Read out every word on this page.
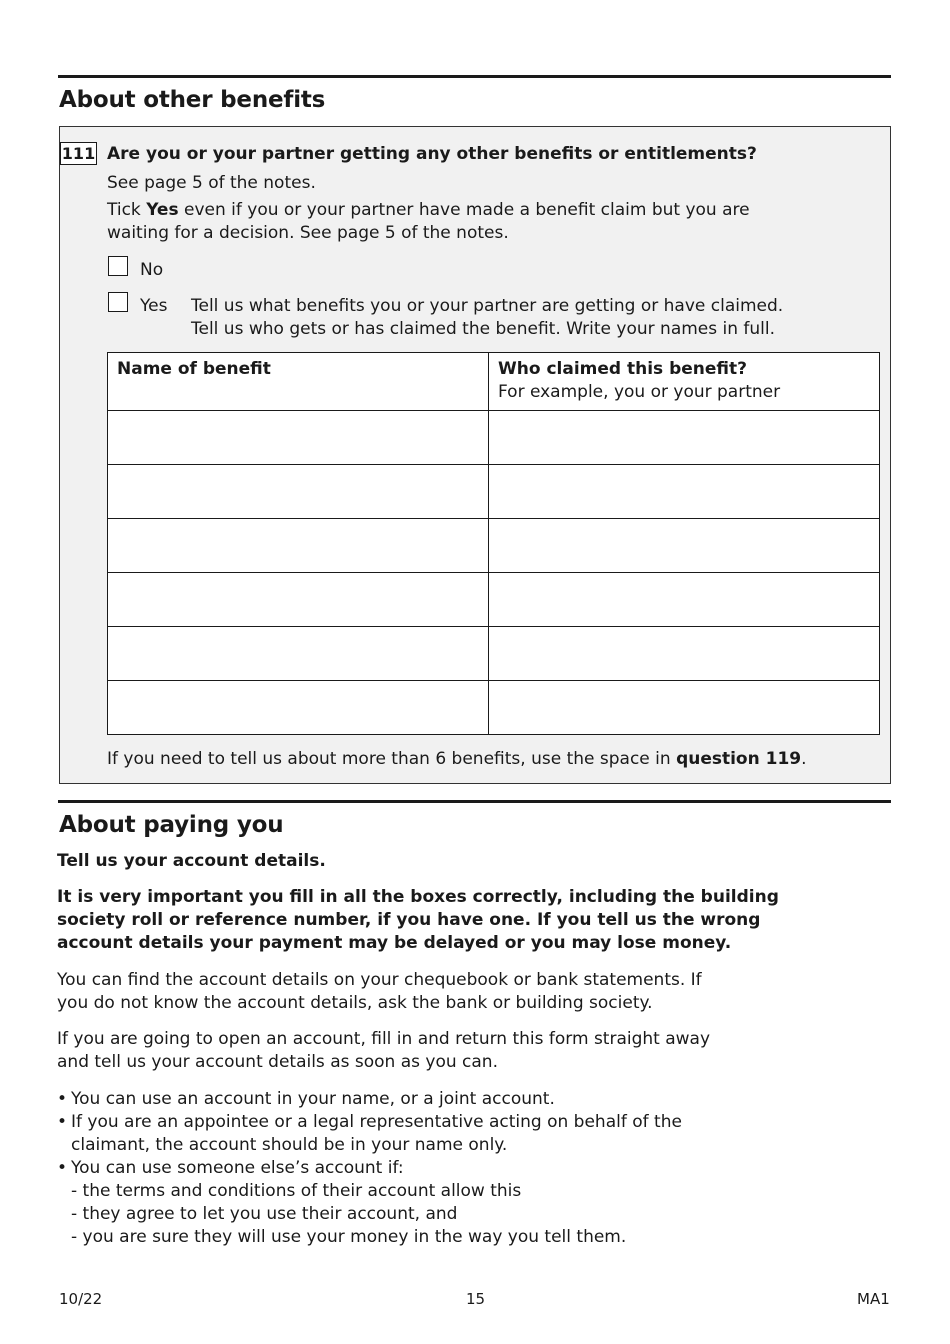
About other benefits
111 Are you or your partner getting any other benefits or entitlements?
See page 5 of the notes.
Tick Yes even if you or your partner have made a benefit claim but you are
waiting for a decision. See page 5 of the notes.
No
Yes Tell us what benefits you or your partner are getting or have claimed.
Tell us who gets or has claimed the benefit. Write your names in full.
Name of benefit	Who claimed this benefit?
For example, you or your partner

If you need to tell us about more than 6 benefits, use the space in question 119.
About paying you
Tell us your account details.
It is very important you fill in all the boxes correctly, including the building
society roll or reference number, if you have one. If you tell us the wrong
account details your payment may be delayed or you may lose money.
You can find the account details on your chequebook or bank statements. If
you do not know the account details, ask the bank or building society.
If you are going to open an account, fill in and return this form straight away
and tell us your account details as soon as you can.
• You can use an account in your name, or a joint account.
• If you are an appointee or a legal representative acting on behalf of the
claimant, the account should be in your name only.
• You can use someone else’s account if:
- the terms and conditions of their account allow this
- they agree to let you use their account, and
- you are sure they will use your money in the way you tell them.
10/22	15	MA1
